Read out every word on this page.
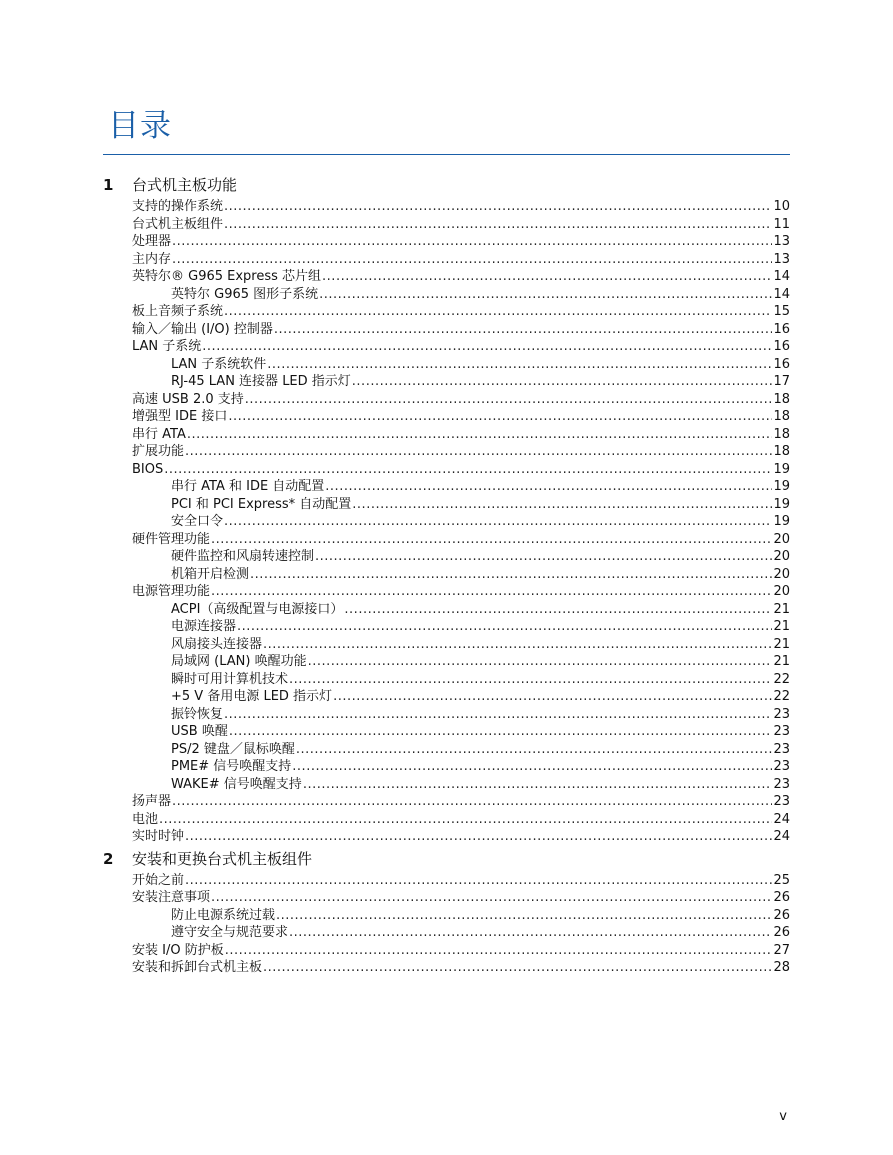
目录
1	台式机主板功能
支持的操作系统 .....	10
台式机主板组件 .....	11
处理器 .....	13
主内存 .....	13
英特尔® G965 Express 芯片组 .....	14
英特尔 G965 图形子系统 .....	14
板上音频子系统 .....	15
输入／输出 (I/O) 控制器 .....	16
LAN 子系统 .....	16
LAN 子系统软件 .....	16
RJ-45 LAN 连接器 LED 指示灯 .....	17
高速 USB 2.0 支持 .....	18
增强型 IDE 接口 .....	18
串行 ATA .....	18
扩展功能 .....	18
BIOS .....	19
串行 ATA 和 IDE 自动配置 .....	19
PCI 和 PCI Express* 自动配置 .....	19
安全口令 .....	19
硬件管理功能 .....	20
硬件监控和风扇转速控制 .....	20
机箱开启检测 .....	20
电源管理功能 .....	20
ACPI（高级配置与电源接口） .....	21
电源连接器 .....	21
风扇接头连接器 .....	21
局域网 (LAN) 唤醒功能 .....	21
瞬时可用计算机技术 .....	22
+5 V 备用电源 LED 指示灯 .....	22
振铃恢复 .....	23
USB 唤醒 .....	23
PS/2 键盘／鼠标唤醒 .....	23
PME# 信号唤醒支持 .....	23
WAKE# 信号唤醒支持 .....	23
扬声器 .....	23
电池 .....	24
实时时钟 .....	24
2	安装和更换台式机主板组件
开始之前 .....	25
安装注意事项 .....	26
防止电源系统过载 .....	26
遵守安全与规范要求 .....	26
安装 I/O 防护板 .....	27
安装和拆卸台式机主板 .....	28
v
